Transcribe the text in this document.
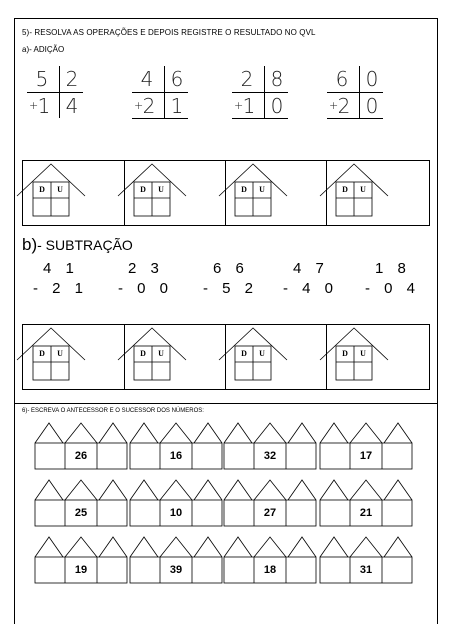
5)- RESOLVA AS OPERAÇÕES E DEPOIS REGISTRE O RESULTADO NO QVL
a)- ADIÇÃO
5 2
+ 1 4
4 6
+ 2 1
2 8
+ 1 0
6 0
+ 2 0
D	U	D	U	D	U	D	U
b)- SUBTRAÇÃO
4 1
- 2 1
2 3
- 0 0
6 6
- 5 2
4 7
- 4 0
1 8
- 0 4
D	U	D	U	D	U	D	U
6)- ESCREVA O ANTECESSOR E O SUCESSOR DOS NÚMEROS:
26	16	32	17
25	10	27	21
19	39	18	31
